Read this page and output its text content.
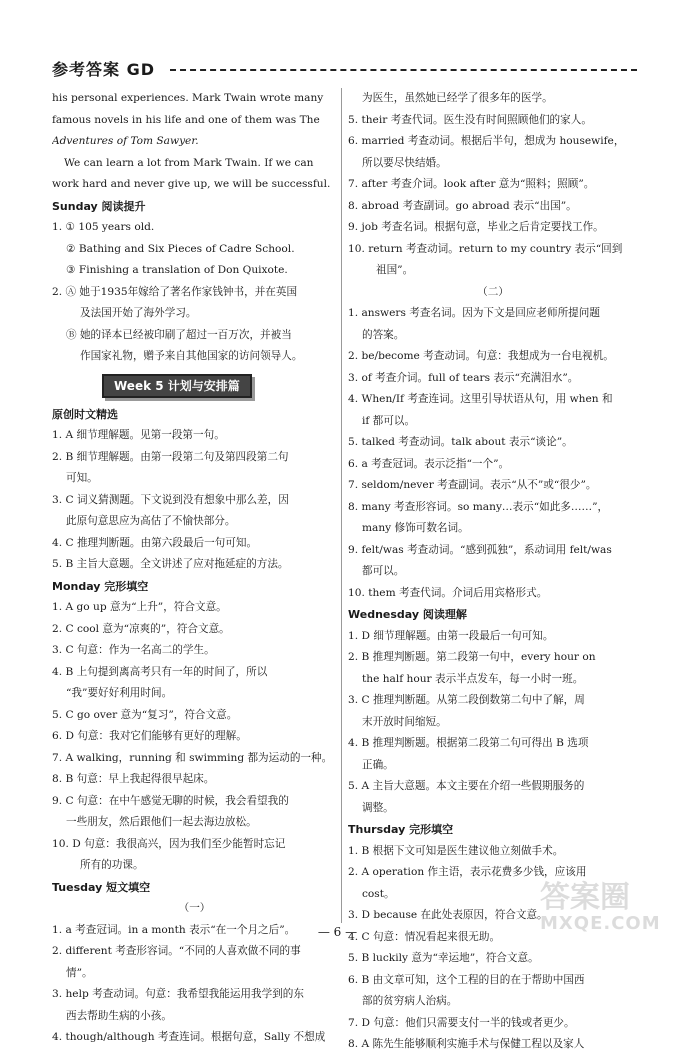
参考答案 GD
his personal experiences. Mark Twain wrote many
famous novels in his life and one of them was The
Adventures of Tom Sawyer.
We can learn a lot from Mark Twain. If we can
work hard and never give up, we will be successful.
Sunday 阅读提升
1. ① 105 years old.
② Bathing and Six Pieces of Cadre School.
③ Finishing a translation of Don Quixote.
2. Ⓐ 她于1935年嫁给了著名作家钱钟书，并在英国
及法国开始了海外学习。
Ⓑ 她的译本已经被印刷了超过一百万次，并被当
作国家礼物，赠予来自其他国家的访问领导人。
Week 5 计划与安排篇
原创时文精选
1. A 细节理解题。见第一段第一句。
2. B 细节理解题。由第一段第二句及第四段第二句
可知。
3. C 词义猜测题。下文说到没有想象中那么差，因
此原句意思应为高估了不愉快部分。
4. C 推理判断题。由第六段最后一句可知。
5. B 主旨大意题。全文讲述了应对拖延症的方法。
Monday 完形填空
1. A go up 意为“上升”，符合文意。
2. C cool 意为“凉爽的”，符合文意。
3. C 句意：作为一名高二的学生。
4. B 上句提到离高考只有一年的时间了，所以
“我”要好好利用时间。
5. C go over 意为“复习”，符合文意。
6. D 句意：我对它们能够有更好的理解。
7. A walking，running 和 swimming 都为运动的一种。
8. B 句意：早上我起得很早起床。
9. C 句意：在中午感觉无聊的时候，我会看望我的
一些朋友，然后跟他们一起去海边放松。
10. D 句意：我很高兴，因为我们至少能暂时忘记
所有的功课。
Tuesday 短文填空
（一）
1. a 考查冠词。in a month 表示“在一个月之后”。
2. different 考查形容词。“不同的人喜欢做不同的事
情”。
3. help 考查动词。句意：我希望我能运用我学到的东
西去帮助生病的小孩。
4. though/although 考查连词。根据句意，Sally 不想成
为医生，虽然她已经学了很多年的医学。
5. their 考查代词。医生没有时间照顾他们的家人。
6. married 考查动词。根据后半句，想成为 housewife，
所以要尽快结婚。
7. after 考查介词。look after 意为“照料；照顾”。
8. abroad 考查副词。go abroad 表示“出国”。
9. job 考查名词。根据句意，毕业之后肯定要找工作。
10. return 考查动词。return to my country 表示“回到
祖国”。
（二）
1. answers 考查名词。因为下文是回应老师所提问题
的答案。
2. be/become 考查动词。句意：我想成为一台电视机。
3. of 考查介词。full of tears 表示“充满泪水”。
4. When/If 考查连词。这里引导状语从句，用 when 和
if 都可以。
5. talked 考查动词。talk about 表示“谈论”。
6. a 考查冠词。表示泛指“一个”。
7. seldom/never 考查副词。表示“从不”或“很少”。
8. many 考查形容词。so many…表示“如此多……”，
many 修饰可数名词。
9. felt/was 考查动词。“感到孤独”，系动词用 felt/was
都可以。
10. them 考查代词。介词后用宾格形式。
Wednesday 阅读理解
1. D 细节理解题。由第一段最后一句可知。
2. B 推理判断题。第二段第一句中，every hour on
the half hour 表示半点发车，每一小时一班。
3. C 推理判断题。从第二段倒数第二句中了解，周
末开放时间缩短。
4. B 推理判断题。根据第二段第二句可得出 B 选项
正确。
5. A 主旨大意题。本文主要在介绍一些假期服务的
调整。
Thursday 完形填空
1. B 根据下文可知是医生建议他立刻做手术。
2. A operation 作主语，表示花费多少钱，应该用
cost。
3. D because 在此处表原因，符合文意。
4. C 句意：情况看起来很无助。
5. B luckily 意为“幸运地”，符合文意。
6. B 由文章可知，这个工程的目的在于帮助中国西
部的贫穷病人治病。
7. D 句意：他们只需要支付一半的钱或者更少。
8. A 陈先生能够顺利实施手术与保健工程以及家人
— 6 —
答案圈
MXQE.COM
